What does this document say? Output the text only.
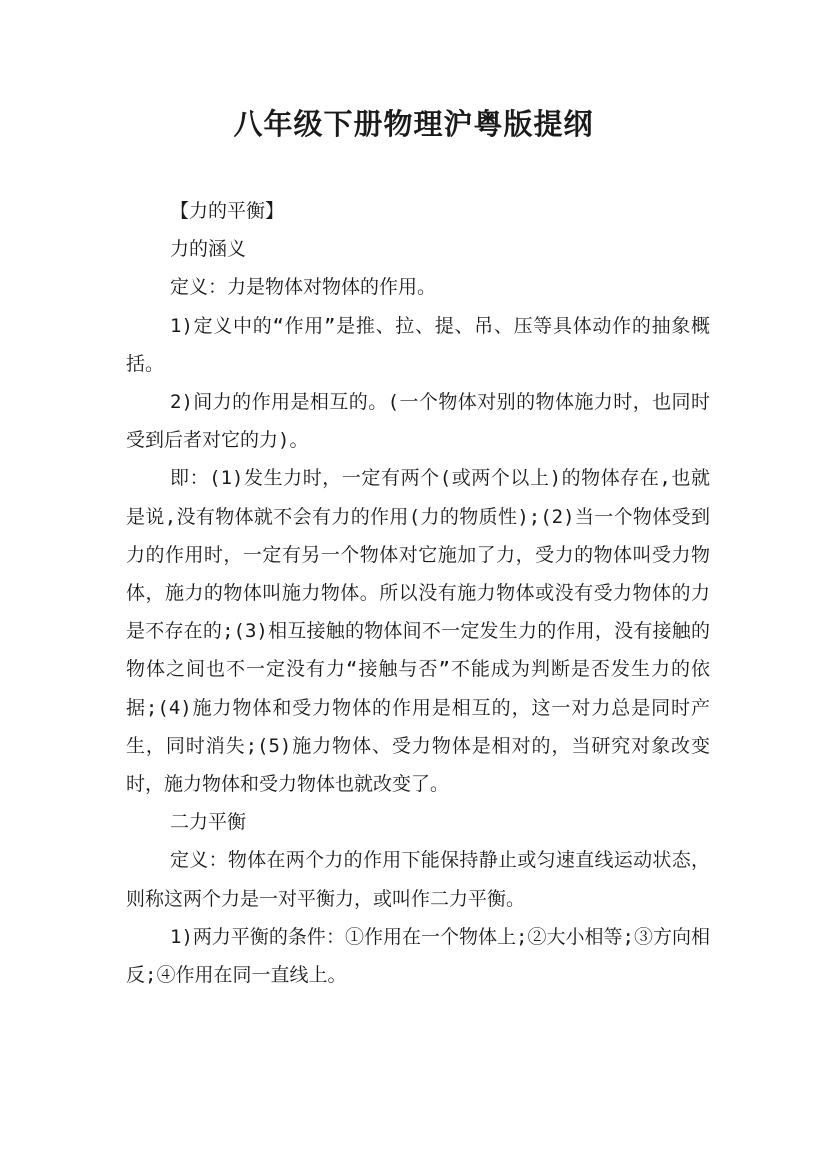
八年级下册物理沪粤版提纲

【力的平衡】

力的涵义

定义：力是物体对物体的作用。

1)定义中的“作用”是推、拉、提、吊、压等具体动作的抽象概括。

2)间力的作用是相互的。(一个物体对别的物体施力时，也同时受到后者对它的力)。

即：(1)发生力时，一定有两个(或两个以上)的物体存在,也就是说,没有物体就不会有力的作用(力的物质性);(2)当一个物体受到力的作用时，一定有另一个物体对它施加了力，受力的物体叫受力物体，施力的物体叫施力物体。所以没有施力物体或没有受力物体的力是不存在的;(3)相互接触的物体间不一定发生力的作用，没有接触的物体之间也不一定没有力“接触与否”不能成为判断是否发生力的依据;(4)施力物体和受力物体的作用是相互的，这一对力总是同时产生，同时消失;(5)施力物体、受力物体是相对的，当研究对象改变时，施力物体和受力物体也就改变了。

二力平衡

定义：物体在两个力的作用下能保持静止或匀速直线运动状态，则称这两个力是一对平衡力，或叫作二力平衡。

1)两力平衡的条件：①作用在一个物体上;②大小相等;③方向相反;④作用在同一直线上。
